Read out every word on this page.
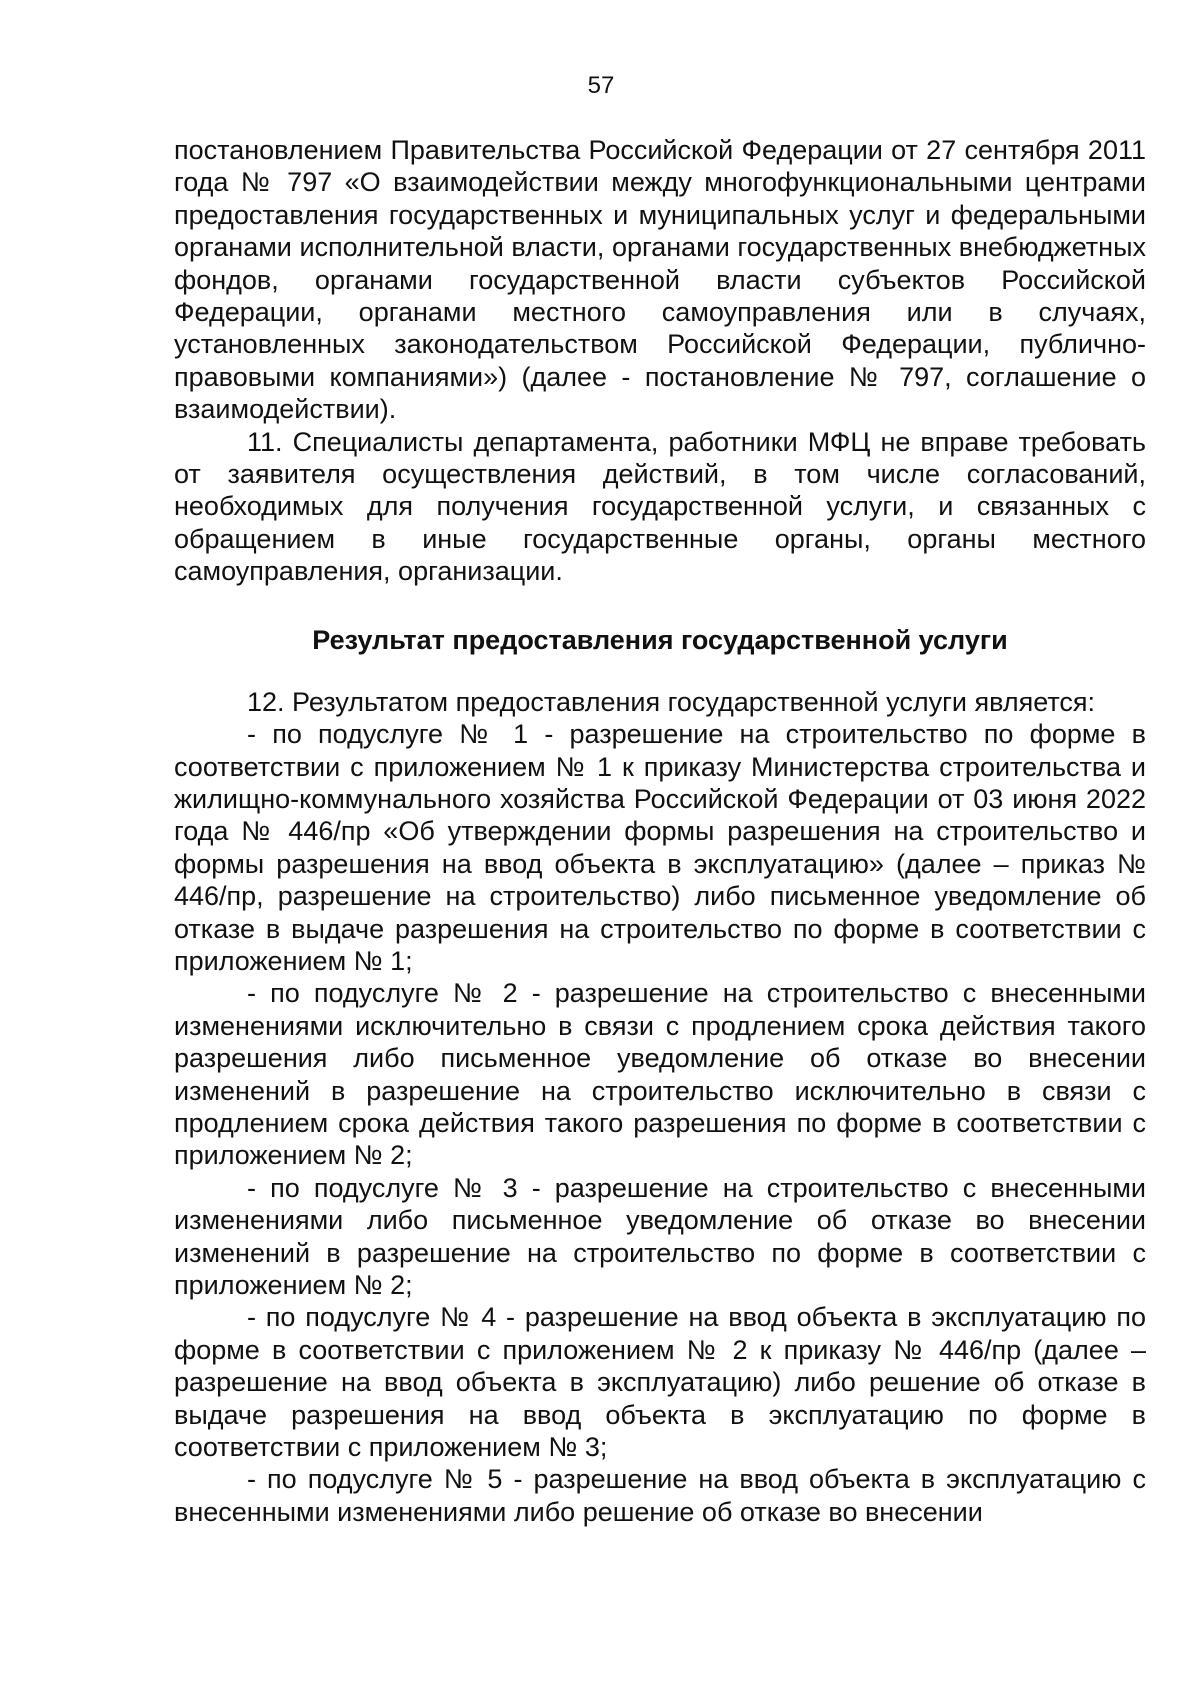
57

постановлением Правительства Российской Федерации от 27 сентября 2011 года № 797 «О взаимодействии между многофункциональными центрами предоставления государственных и муниципальных услуг и федеральными органами исполнительной власти, органами государственных внебюджетных фондов, органами государственной власти субъектов Российской Федерации, органами местного самоуправления или в случаях, установленных законодательством Российской Федерации, публично-правовыми компаниями») (далее - постановление № 797, соглашение о взаимодействии).

11. Специалисты департамента, работники МФЦ не вправе требовать от заявителя осуществления действий, в том числе согласований, необходимых для получения государственной услуги, и связанных с обращением в иные государственные органы, органы местного самоуправления, организации.

Результат предоставления государственной услуги

12. Результатом предоставления государственной услуги является:

- по подуслуге № 1 - разрешение на строительство по форме в соответствии с приложением № 1 к приказу Министерства строительства и жилищно-коммунального хозяйства Российской Федерации от 03 июня 2022 года № 446/пр «Об утверждении формы разрешения на строительство и формы разрешения на ввод объекта в эксплуатацию» (далее – приказ № 446/пр, разрешение на строительство) либо письменное уведомление об отказе в выдаче разрешения на строительство по форме в соответствии с приложением № 1;

- по подуслуге № 2 - разрешение на строительство с внесенными изменениями исключительно в связи с продлением срока действия такого разрешения либо письменное уведомление об отказе во внесении изменений в разрешение на строительство исключительно в связи с продлением срока действия такого разрешения по форме в соответствии с приложением № 2;

- по подуслуге № 3 - разрешение на строительство с внесенными изменениями либо письменное уведомление об отказе во внесении изменений в разрешение на строительство по форме в соответствии с приложением № 2;

- по подуслуге № 4 - разрешение на ввод объекта в эксплуатацию по форме в соответствии с приложением № 2 к приказу № 446/пр (далее – разрешение на ввод объекта в эксплуатацию) либо решение об отказе в выдаче разрешения на ввод объекта в эксплуатацию по форме в соответствии с приложением № 3;

- по подуслуге № 5 - разрешение на ввод объекта в эксплуатацию с внесенными изменениями либо решение об отказе во внесении
